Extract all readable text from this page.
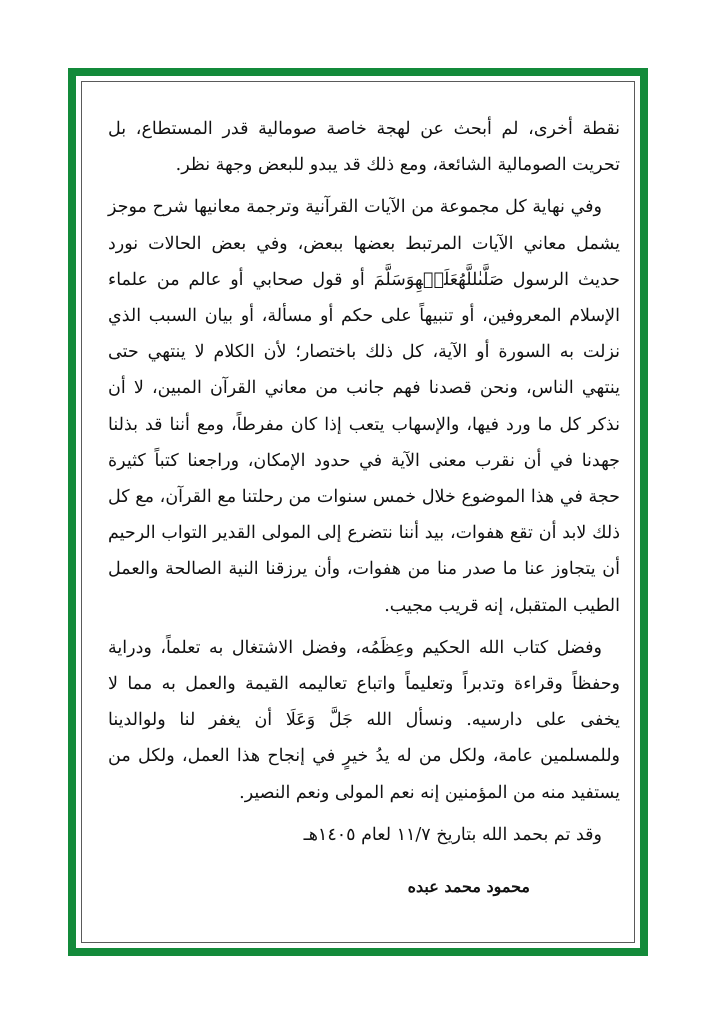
نقطة أخرى، لم أبحث عن لهجة خاصة صومالية قدر المستطاع، بل تحريت الصومالية الشائعة، ومع ذلك قد يبدو للبعض وجهة نظر.

وفي نهاية كل مجموعة من الآيات القرآنية وترجمة معانيها شرح موجز يشمل معاني الآيات المرتبط بعضها ببعض، وفي بعض الحالات نورد حديث الرسول صَلَّىٰللَّهُعَلَيۡهِوَسَلَّمَ أو قول صحابي أو عالم من علماء الإسلام المعروفين، أو تنبيهاً على حكم أو مسألة، أو بيان السبب الذي نزلت به السورة أو الآية، كل ذلك باختصار؛ لأن الكلام لا ينتهي حتى ينتهي الناس، ونحن قصدنا فهم جانب من معاني القرآن المبين، لا أن نذكر كل ما ورد فيها، والإسهاب يتعب إذا كان مفرطاً، ومع أننا قد بذلنا جهدنا في أن نقرب معنى الآية في حدود الإمكان، وراجعنا كتباً كثيرة حجة في هذا الموضوع خلال خمس سنوات من رحلتنا مع القرآن، مع كل ذلك لابد أن تقع هفوات، بيد أننا نتضرع إلى المولى القدير التواب الرحيم أن يتجاوز عنا ما صدر منا من هفوات، وأن يرزقنا النية الصالحة والعمل الطيب المتقبل، إنه قريب مجيب.

وفضل كتاب الله الحكيم وعِظَمُه، وفضل الاشتغال به تعلماً، ودراية وحفظاً وقراءة وتدبراً وتعليماً واتباع تعاليمه القيمة والعمل به مما لا يخفى على دارسيه. ونسأل الله جَلَّ وَعَلَا أن يغفر لنا ولوالدينا وللمسلمين عامة، ولكل من له يدُ خيرٍ في إنجاح هذا العمل، ولكل من يستفيد منه من المؤمنين إنه نعم المولى ونعم النصير.

وقد تم بحمد الله بتاريخ ١١/٧ لعام ١٤٠٥هـ

محمود محمد عبده
